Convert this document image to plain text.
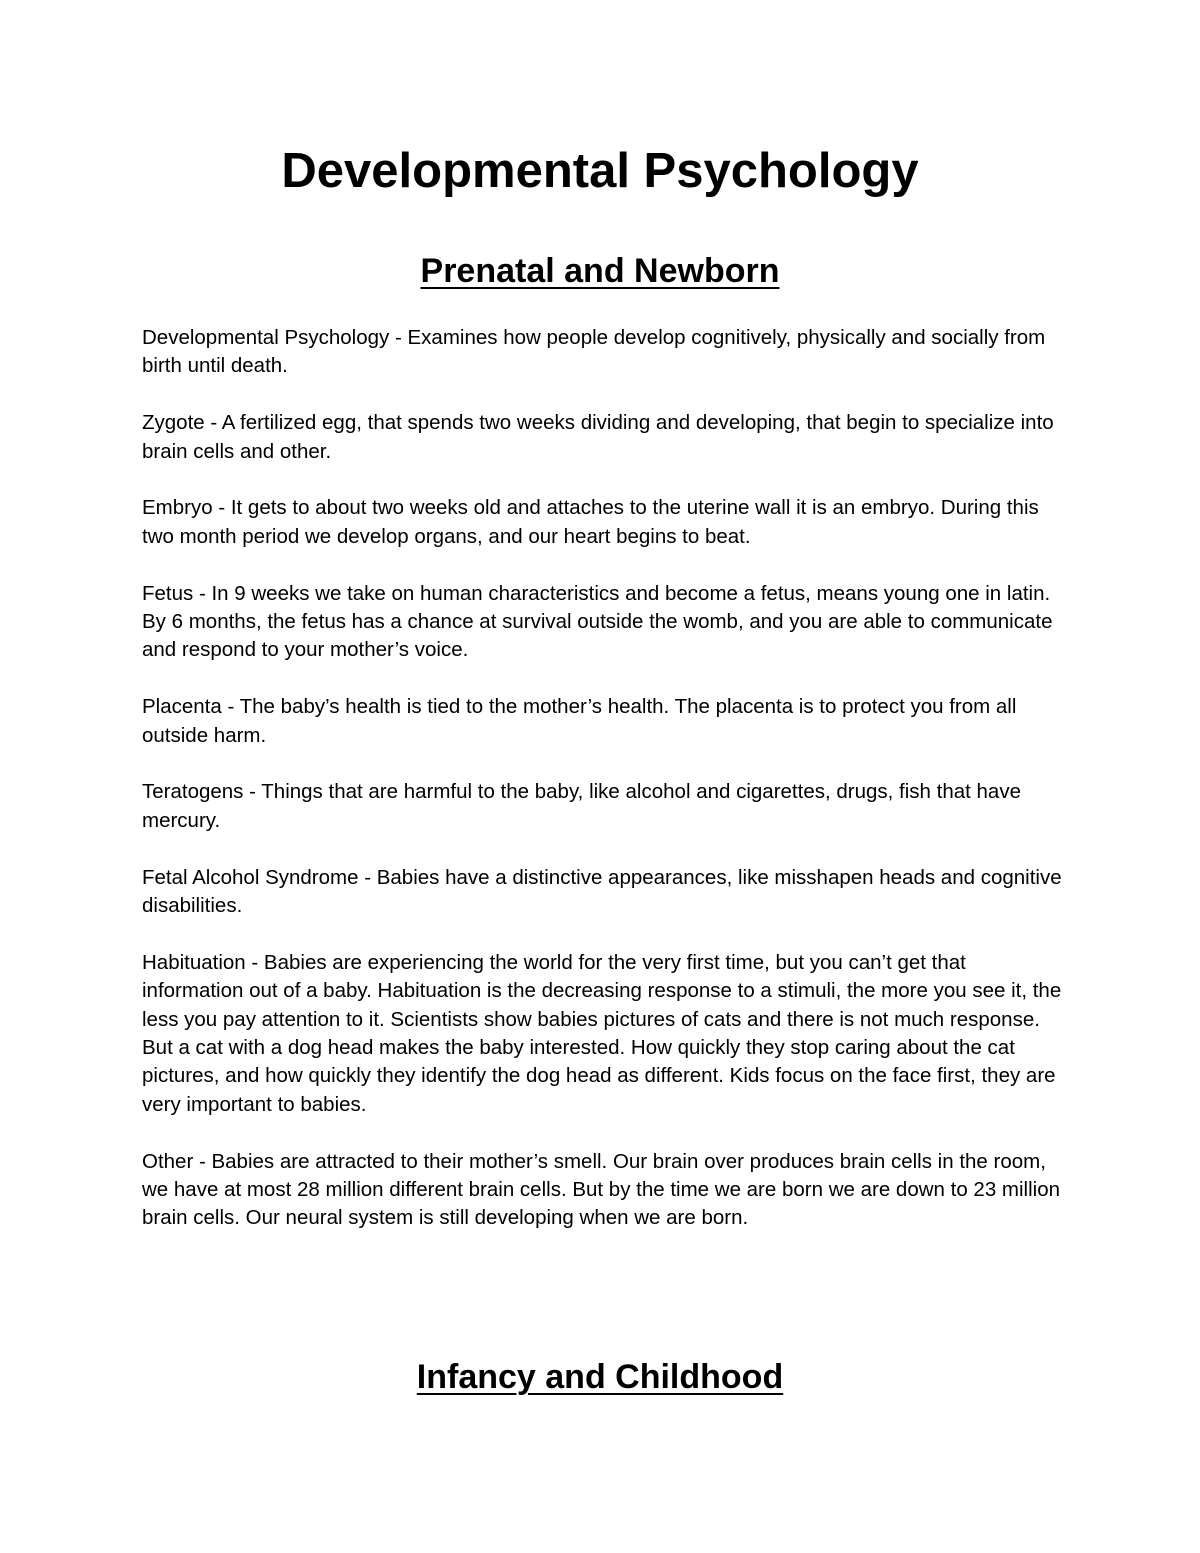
Developmental Psychology
Prenatal and Newborn

Developmental Psychology - Examines how people develop cognitively, physically and socially from birth until death.

Zygote - A fertilized egg, that spends two weeks dividing and developing, that begin to specialize into brain cells and other.

Embryo - It gets to about two weeks old and attaches to the uterine wall it is an embryo. During this two month period we develop organs, and our heart begins to beat.

Fetus - In 9 weeks we take on human characteristics and become a fetus, means young one in latin. By 6 months, the fetus has a chance at survival outside the womb, and you are able to communicate and respond to your mother’s voice.

Placenta - The baby’s health is tied to the mother’s health. The placenta is to protect you from all outside harm.

Teratogens - Things that are harmful to the baby, like alcohol and cigarettes, drugs, fish that have mercury.

Fetal Alcohol Syndrome - Babies have a distinctive appearances, like misshapen heads and cognitive disabilities.

Habituation - Babies are experiencing the world for the very first time, but you can’t get that information out of a baby. Habituation is the decreasing response to a stimuli, the more you see it, the less you pay attention to it. Scientists show babies pictures of cats and there is not much response. But a cat with a dog head makes the baby interested. How quickly they stop caring about the cat pictures, and how quickly they identify the dog head as different. Kids focus on the face first, they are very important to babies.

Other - Babies are attracted to their mother’s smell. Our brain over produces brain cells in the room, we have at most 28 million different brain cells. But by the time we are born we are down to 23 million brain cells. Our neural system is still developing when we are born.

Infancy and Childhood
